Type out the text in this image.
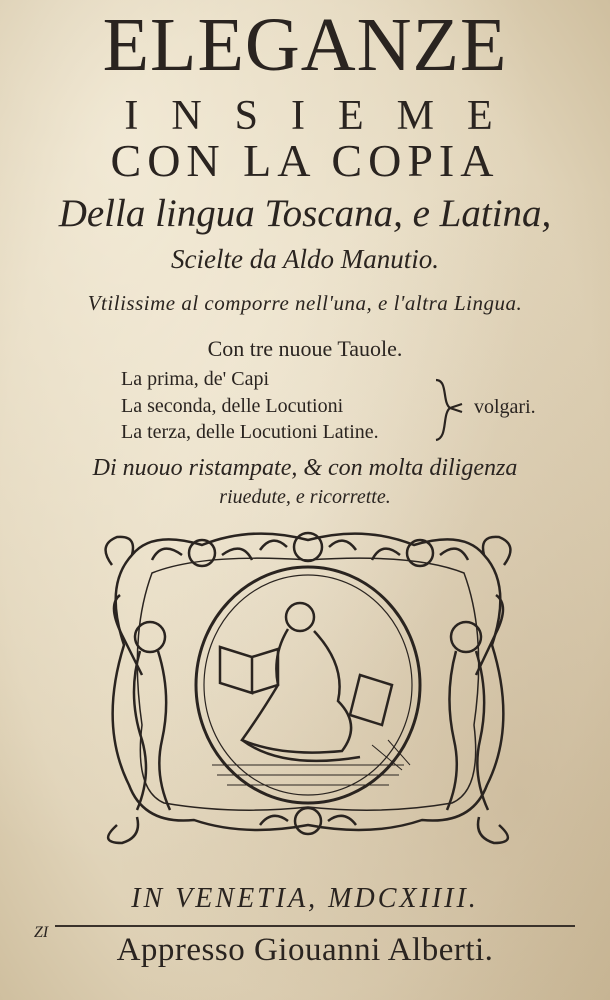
ELEGANZE
INSIEME
CON LA COPIA
Della lingua Toscana, e Latina,
Scielte da Aldo Manutio.
Vtilissime al comporre nell'una, e l'altra Lingua.
Con tre nuoue Tauole.
La prima, de' Capi
La seconda, delle Locutioni
La terza, delle Locutioni Latine.
volgari.
Di nuouo ristampate, & con molta diligenza
riuedute, e ricorrette.
IN VENETIA, MDCXIIII.
ZI	Appresso Giouanni Alberti.
